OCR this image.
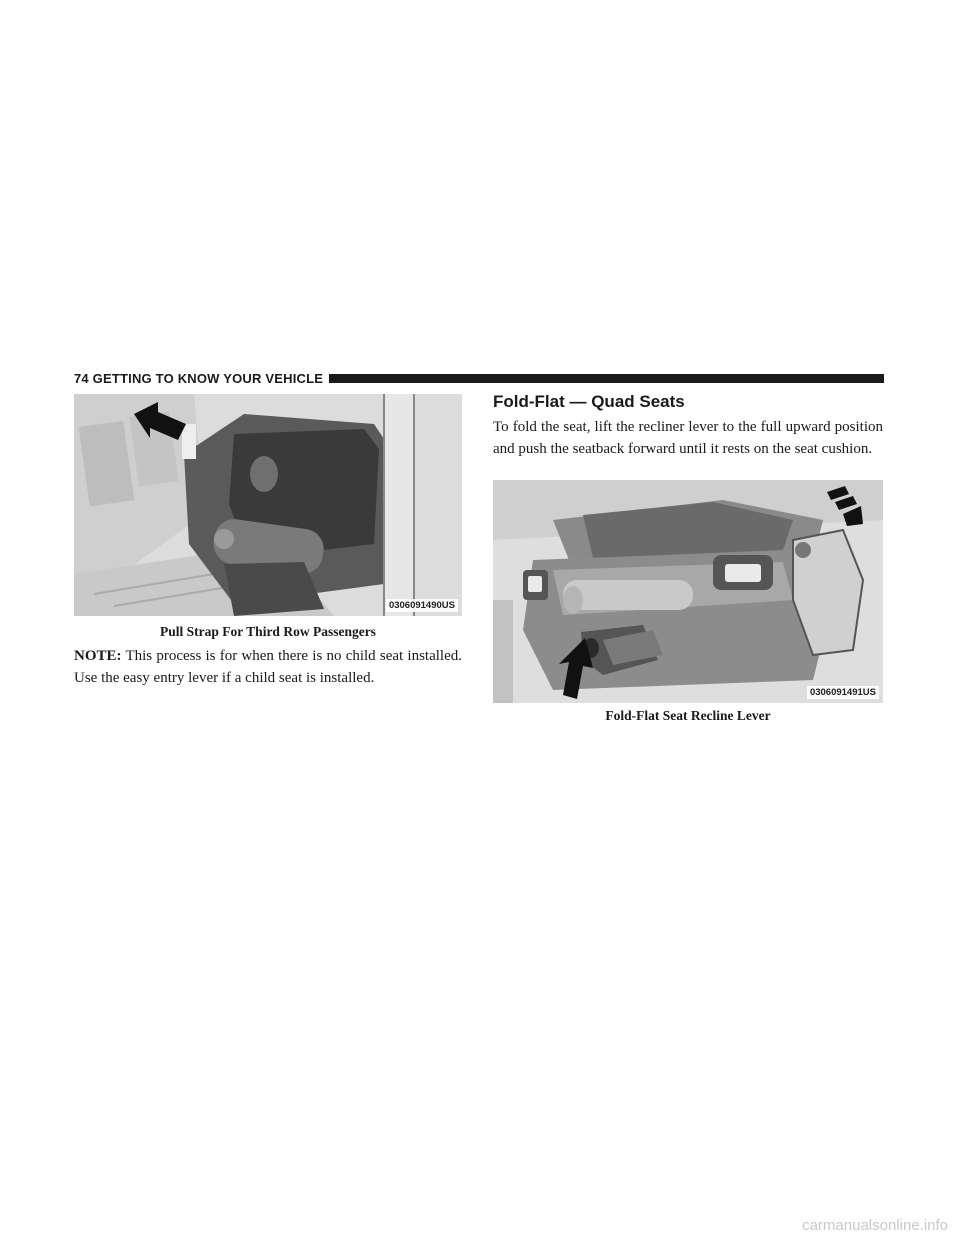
74 GETTING TO KNOW YOUR VEHICLE
0306091490US
Pull Strap For Third Row Passengers
NOTE: This process is for when there is no child seat installed. Use the easy entry lever if a child seat is installed.
Fold-Flat — Quad Seats
To fold the seat, lift the recliner lever to the full upward position and push the seatback forward until it rests on the seat cushion.
0306091491US
Fold-Flat Seat Recline Lever
carmanualsonline.info
